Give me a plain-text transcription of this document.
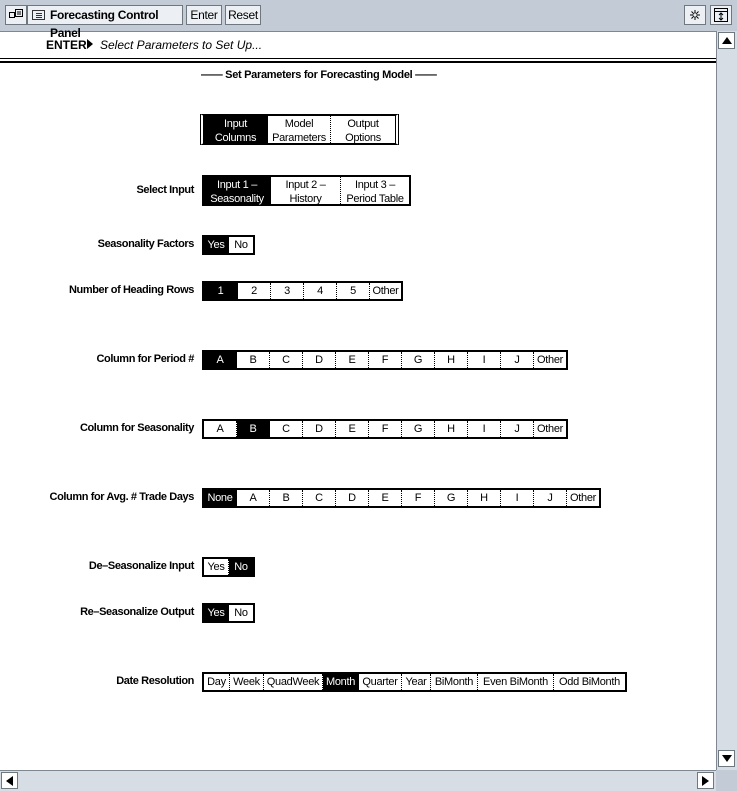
Forecasting Control Panel
Enter Reset
ENTER Select Parameters to Set Up...
—— Set Parameters for Forecasting Model ——
Input
Columns
Model
Parameters
Output
Options
Select Input	Input 1 –
Seasonality
Input 2 –
History
Input 3 –
Period Table
Seasonality Factors	Yes No
Number of Heading Rows	1	2	3	4	5	Other
Column for Period #	A	B	C	D	E	F	G	H	I	J	Other
Column for Seasonality	A	B	C	D	E	F	G	H	I	J	Other
Column for Avg. # Trade Days	None	A	B	C	D	E	F	G	H	I	J	Other
De–Seasonalize Input	Yes No
Re–Seasonalize Output	Yes No
Date Resolution Day Week QuadWeek Month Quarter Year BiMonth Even BiMonth	Odd BiMonth
